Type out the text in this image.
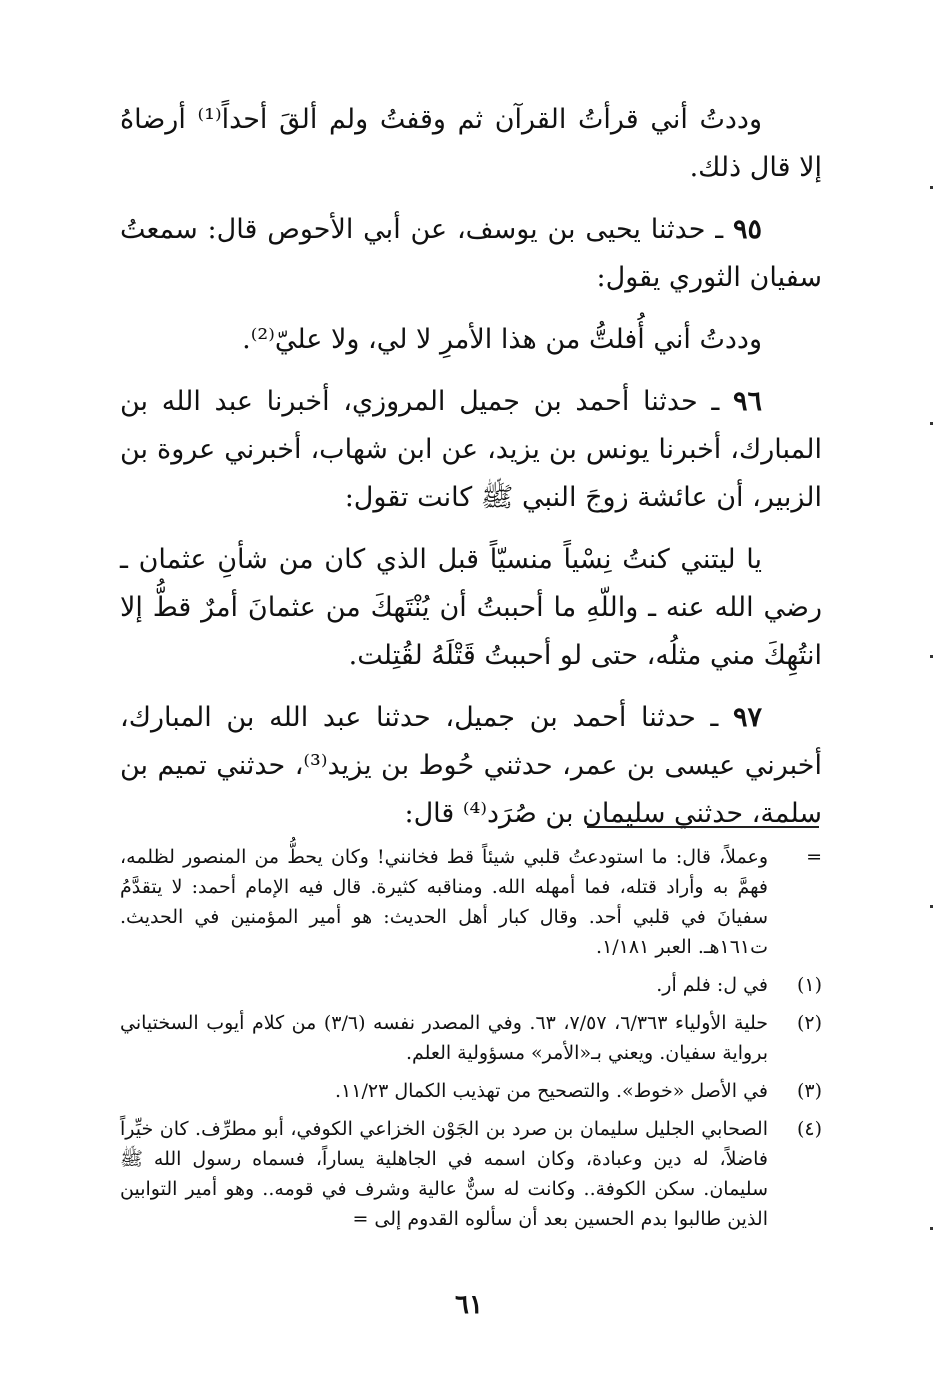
وددتُ أني قرأتُ القرآن ثم وقفتُ ولم ألقَ أحداً⁽¹⁾ أرضاهُ إلا قال ذلك.

٩٥ ـ حدثنا يحيى بن يوسف، عن أبي الأحوص قال: سمعتُ سفيان الثوري يقول:

وددتُ أني أُفلتُّ من هذا الأمرِ لا لي، ولا عليّ⁽²⁾.

٩٦ ـ حدثنا أحمد بن جميل المروزي، أخبرنا عبد الله بن المبارك، أخبرنا يونس بن يزيد، عن ابن شهاب، أخبرني عروة بن الزبير، أن عائشة زوجَ النبي ﷺ كانت تقول:

يا ليتني كنتُ نِسْياً منسيّاً قبل الذي كان من شأنِ عثمان ـ رضي الله عنه ـ واللّهِ ما أحببتُ أن يُنْتَهكَ من عثمانَ أمرٌ قطُّ إلا انتُهِكَ مني مثلُه، حتى لو أحببتُ قَتْلَهُ لقُتِلت.

٩٧ ـ حدثنا أحمد بن جميل، حدثنا عبد الله بن المبارك، أخبرني عيسى بن عمر، حدثني حُوط بن يزيد⁽³⁾، حدثني تميم بن سلمة، حدثني سليمان بن صُرَد⁽⁴⁾ قال:

=
وعملاً، قال: ما استودعتُ قلبي شيئاً قط فخانني! وكان يحطُّ من المنصور لظلمه، فهمَّ به وأراد قتله، فما أمهله الله. ومناقبه كثيرة. قال فيه الإمام أحمد: لا يتقدَّمُ سفيانَ في قلبي أحد. وقال كبار أهل الحديث: هو أمير المؤمنين في الحديث. ت١٦١هـ. العبر ١/١٨١.
(١)
في ل: فلم أر.
(٢)
حلية الأولياء ٦/٣٦٣، ٧/٥٧، ٦٣. وفي المصدر نفسه (٣/٦) من كلام أيوب السختياني برواية سفيان. ويعني بـ«الأمر» مسؤولية العلم.
(٣)
في الأصل «خوط». والتصحيح من تهذيب الكمال ١١/٢٣.
(٤)
الصحابي الجليل سليمان بن صرد بن الجَوْن الخزاعي الكوفي، أبو مطرِّف. كان خيِّراً فاضلاً، له دين وعبادة، وكان اسمه في الجاهلية يساراً، فسماه رسول الله ﷺ سليمان. سكن الكوفة.. وكانت له سنٌّ عالية وشرف في قومه.. وهو أمير التوابين الذين طالبوا بدم الحسين بعد أن سألوه القدوم إلى =
٦١
